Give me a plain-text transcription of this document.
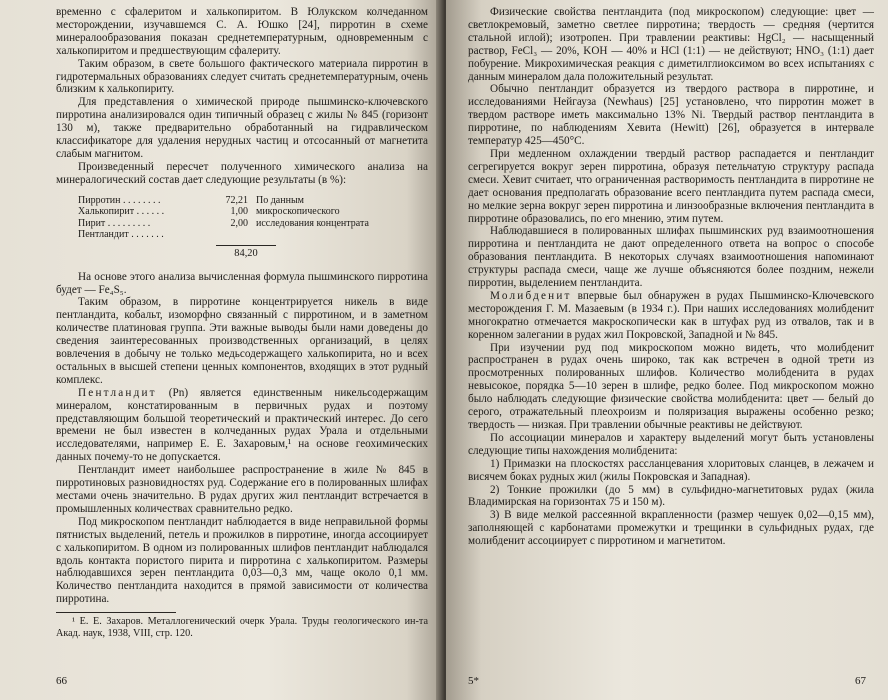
временно с сфалеритом и халькопиритом. В Юлукском колчеданном месторождении, изучавшемся С. А. Юшко [24], пирротин в схеме минералообразования показан среднетемпературным, одновременным с халькопиритом и предшествующим сфалериту.

Таким образом, в свете большого фактического материала пирротин в гидротермальных образованиях следует считать среднетемпературным, очень близким к халькопириту.

Для представления о химической природе пышминско-ключевского пирротина анализировался один типичный образец с жилы № 845 (горизонт 130 м), также предварительно обработанный на гидравлическом классификаторе для удаления нерудных частиц и отсосанный от магнетита слабым магнитом.

Произведенный пересчет полученного химического анализа на минералогический состав дает следующие результаты (в %):

Пирротин . . . . . . . .
Халькопирит . . . . . .
Пирит . . . . . . . . .
Пентландит . . . . . . .
72,21
1,00
2,00
По данным микроскопического исследования концентрата
84,20

На основе этого анализа вычисленная формула пышминского пирротина будет — Fe₄S₅.

Таким образом, в пирротине концентрируется никель в виде пентландита, кобальт, изоморфно связанный с пирротином, и в заметном количестве платиновая группа. Эти важные выводы были нами доведены до сведения заинтересованных производственных организаций, в целях вовлечения в добычу не только медьсодержащего халькопирита, но и всех остальных в высшей степени ценных компонентов, входящих в этот рудный комплекс.

Пентландит (Pn) является единственным никельсодержащим минералом, констатированным в первичных рудах и поэтому представляющим большой теоретический и практический интерес. До сего времени не был известен в колчеданных рудах Урала и отдельными исследователями, например Е. Е. Захаровым,¹ на основе геохимических данных почему-то не допускается.

Пентландит имеет наибольшее распространение в жиле № 845 в пирротиновых разновидностях руд. Содержание его в полированных шлифах местами очень значительно. В рудах других жил пентландит встречается в промышленных количествах сравнительно редко.

Под микроскопом пентландит наблюдается в виде неправильной формы пятнистых выделений, петель и прожилков в пирротине, иногда ассоциирует с халькопиритом. В одном из полированных шлифов пентландит наблюдался вдоль контакта пористого пирита и пирротина с халькопиритом. Размеры наблюдавшихся зерен пентландита 0,03—0,3 мм, чаще около 0,1 мм. Количество пентландита находится в прямой зависимости от количества пирротина.

¹ Е. Е. Захаров. Металлогенический очерк Урала. Труды геологического ин-та Акад. наук, 1938, VIII, стр. 120.

66

Физические свойства пентландита (под микроскопом) следующие: цвет — светлокремовый, заметно светлее пирротина; твердость — средняя (чертится стальной иглой); изотропен. При травлении реактивы: HgCl₂ — насыщенный раствор, FeCl₃ — 20%, KOH — 40% и HCl (1:1) — не действуют; HNO₃ (1:1) дает побурение. Микрохимическая реакция с диметилглиоксимом во всех испытаниях с данным минералом дала положительный результат.

Обычно пентландит образуется из твердого раствора в пирротине, и исследованиями Нейгауза (Newhaus) [25] установлено, что пирротин может в твердом растворе иметь максимально 13% Ni. Твердый раствор пентландита в пирротине, по наблюдениям Хевита (Hewitt) [26], образуется в интервале температур 425—450°C.

При медленном охлаждении твердый раствор распадается и пентландит сегрегируется вокруг зерен пирротина, образуя петельчатую структуру распада смеси. Хевит считает, что ограниченная растворимость пентландита в пирротине не дает основания предполагать образование всего пентландита путем распада смеси, но мелкие зерна вокруг зерен пирротина и линзообразные включения пентландита в пирротине образовались, по его мнению, этим путем.

Наблюдавшиеся в полированных шлифах пышминских руд взаимоотношения пирротина и пентландита не дают определенного ответа на вопрос о способе образования пентландита. В некоторых случаях взаимоотношения напоминают структуры распада смеси, чаще же лучше объясняются более поздним, нежели пирротин, выделением пентландита.

Молибденит впервые был обнаружен в рудах Пышминско-Ключевского месторождения Г. М. Мазаевым (в 1934 г.). При наших исследованиях молибденит многократно отмечается макроскопически как в штуфах руд из отвалов, так и в коренном залегании в рудах жил Покровской, Западной и № 845.

При изучении руд под микроскопом можно видеть, что молибденит распространен в рудах очень широко, так как встречен в одной трети из просмотренных полированных шлифов. Количество молибденита в рудах невысокое, порядка 5—10 зерен в шлифе, редко более. Под микроскопом можно было наблюдать следующие физические свойства молибденита: цвет — белый до серого, отражательный плеохроизм и поляризация выражены особенно резко; твердость — низкая. При травлении обычные реактивы не действуют.

По ассоциации минералов и характеру выделений могут быть установлены следующие типы нахождения молибденита:

1) Примазки на плоскостях рассланцевания хлоритовых сланцев, в лежачем и висячем боках рудных жил (жилы Покровская и Западная).

2) Тонкие прожилки (до 5 мм) в сульфидно-магнетитовых рудах (жила Владимирская на горизонтах 75 и 150 м).

3) В виде мелкой рассеянной вкрапленности (размер чешуек 0,02—0,15 мм), заполняющей с карбонатами промежутки и трещинки в сульфидных рудах, где молибденит ассоциирует с пирротином и магнетитом.

5*	67
